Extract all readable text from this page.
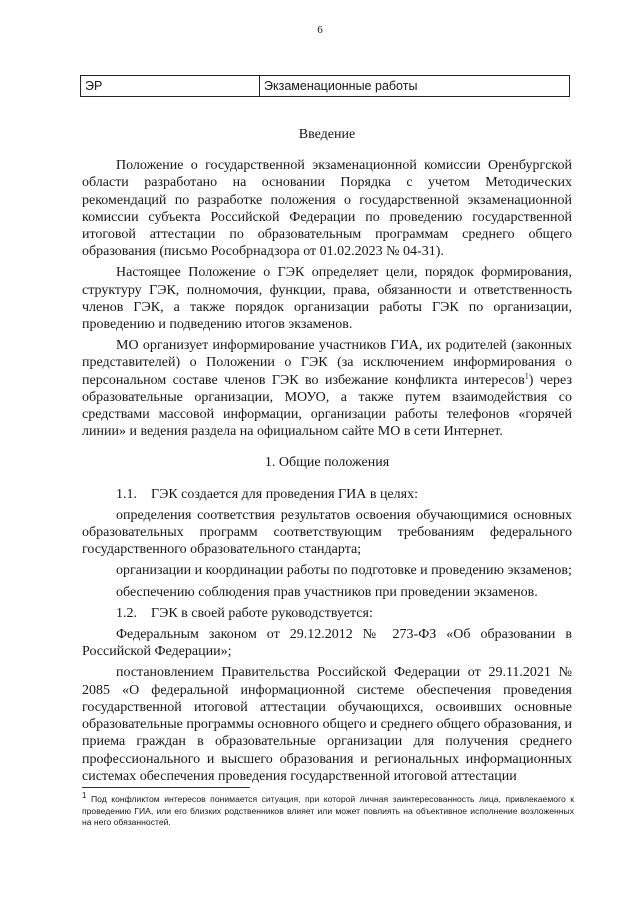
6
ЭР	Экзаменационные работы
Введение

Положение о государственной экзаменационной комиссии Оренбургской области разработано на основании Порядка с учетом Методических рекомендаций по разработке положения о государственной экзаменационной комиссии субъекта Российской Федерации по проведению государственной итоговой аттестации по образовательным программам среднего общего образования (письмо Рособрнадзора от 01.02.2023 № 04-31).

Настоящее Положение о ГЭК определяет цели, порядок формирования, структуру ГЭК, полномочия, функции, права, обязанности и ответственность членов ГЭК, а также порядок организации работы ГЭК по организации, проведению и подведению итогов экзаменов.

МО организует информирование участников ГИА, их родителей (законных представителей) о Положении о ГЭК (за исключением информирования о персональном составе членов ГЭК во избежание конфликта интересов$^1$) через образовательные организации, МОУО, а также путем взаимодействия со средствами массовой информации, организации работы телефонов «горячей линии» и ведения раздела на официальном сайте МО в сети Интернет.

1. Общие положения

1.1. ГЭК создается для проведения ГИА в целях:

определения соответствия результатов освоения обучающимися основных образовательных программ соответствующим требованиям федерального государственного образовательного стандарта;

организации и координации работы по подготовке и проведению экзаменов;

обеспечению соблюдения прав участников при проведении экзаменов.

1.2. ГЭК в своей работе руководствуется:

Федеральным законом от 29.12.2012 № 273-ФЗ «Об образовании в Российской Федерации»;

постановлением Правительства Российской Федерации от 29.11.2021 № 2085 «О федеральной информационной системе обеспечения проведения государственной итоговой аттестации обучающихся, освоивших основные образовательные программы основного общего и среднего общего образования, и приема граждан в образовательные организации для получения среднего профессионального и высшего образования и региональных информационных системах обеспечения проведения государственной итоговой аттестации

$^1$ Под конфликтом интересов понимается ситуация, при которой личная заинтересованность лица, привлекаемого к проведению ГИА, или его близких родственников влияет или может повлиять на объективное исполнение возложенных на него обязанностей.
